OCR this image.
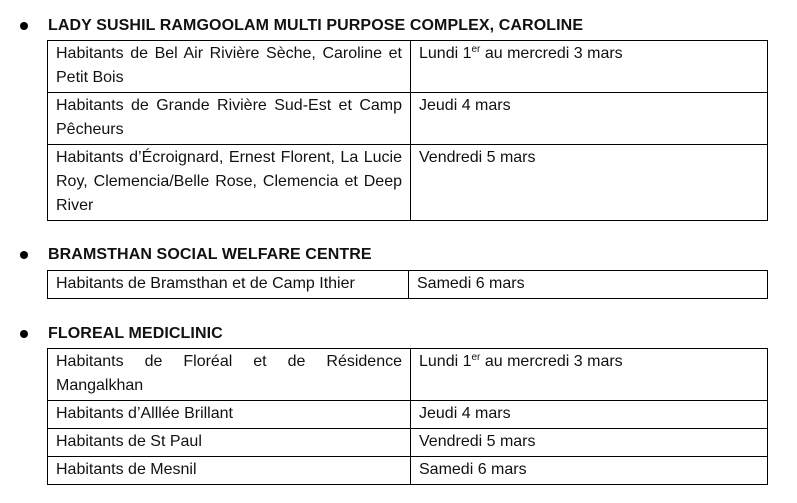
LADY SUSHIL RAMGOOLAM MULTI PURPOSE COMPLEX, CAROLINE
Habitants de Bel Air Rivière Sèche, Caroline et Petit Bois	Lundi 1er au mercredi 3 mars
Habitants de Grande Rivière Sud-Est et Camp Pêcheurs	Jeudi 4 mars
Habitants d’Écroignard, Ernest Florent, La Lucie Roy, Clemencia/Belle Rose, Clemencia et Deep River	Vendredi 5 mars
BRAMSTHAN SOCIAL WELFARE CENTRE
Habitants de Bramsthan et de Camp Ithier	Samedi 6 mars
FLOREAL MEDICLINIC
Habitants de Floréal et de Résidence Mangalkhan	Lundi 1er au mercredi 3 mars
Habitants d’Alllée Brillant	Jeudi 4 mars
Habitants de St Paul	Vendredi 5 mars
Habitants de Mesnil	Samedi 6 mars
